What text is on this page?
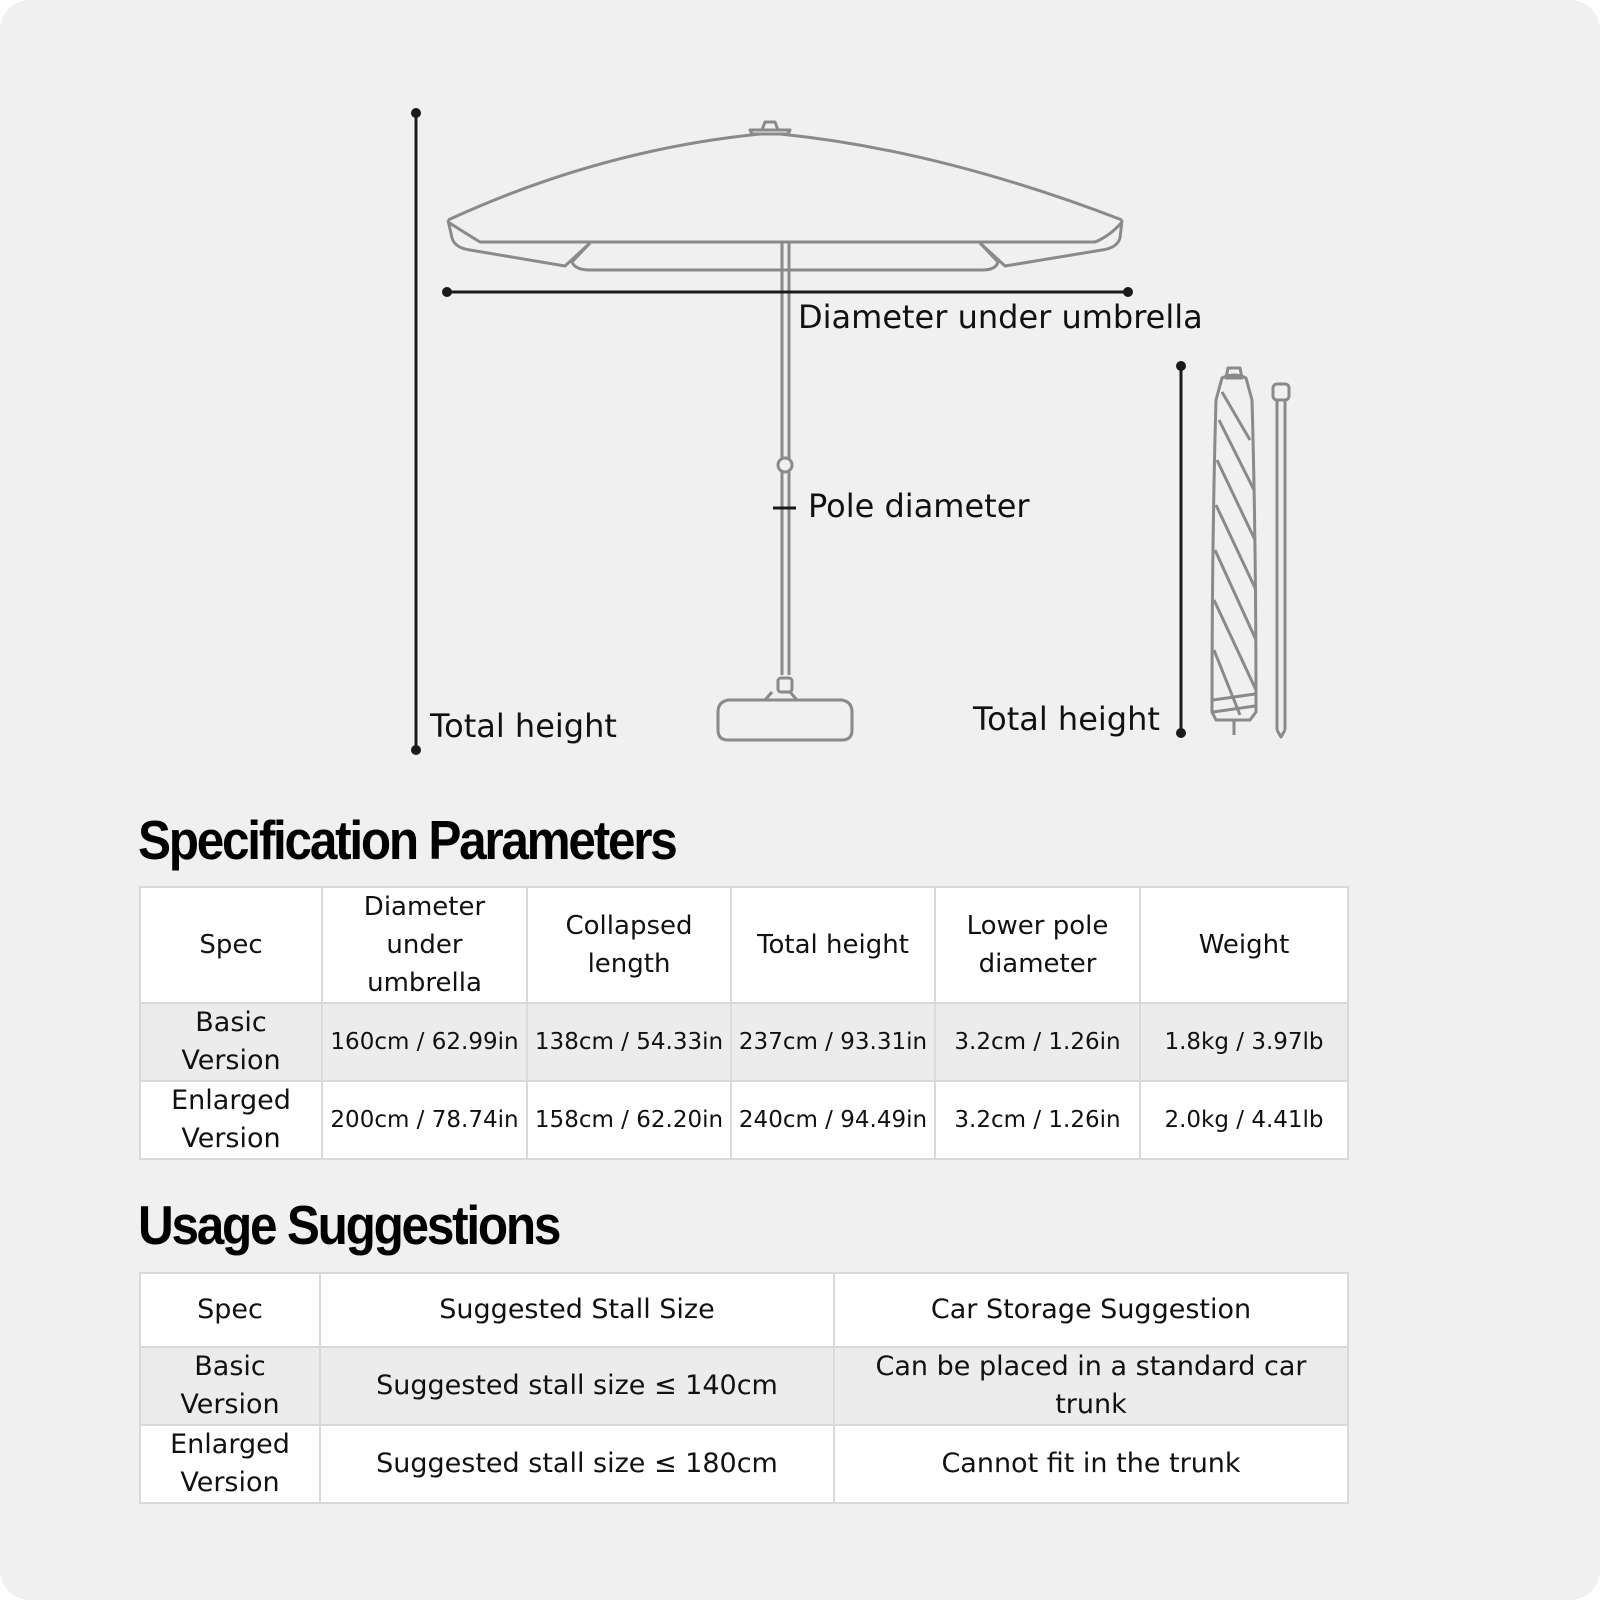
Diameter under umbrella
Pole diameter
Total height	Total height
Specification Parameters
Spec	Diameter under umbrella	Collapsed length	Total height	Lower pole diameter	Weight
Basic Version	160cm / 62.99in	138cm / 54.33in	237cm / 93.31in	3.2cm / 1.26in	1.8kg / 3.97lb
Enlarged Version	200cm / 78.74in	158cm / 62.20in	240cm / 94.49in	3.2cm / 1.26in	2.0kg / 4.41lb
Usage Suggestions
Spec	Suggested Stall Size	Car Storage Suggestion
Basic Version	Suggested stall size ≤ 140cm	Can be placed in a standard car trunk
Enlarged Version	Suggested stall size ≤ 180cm	Cannot fit in the trunk
